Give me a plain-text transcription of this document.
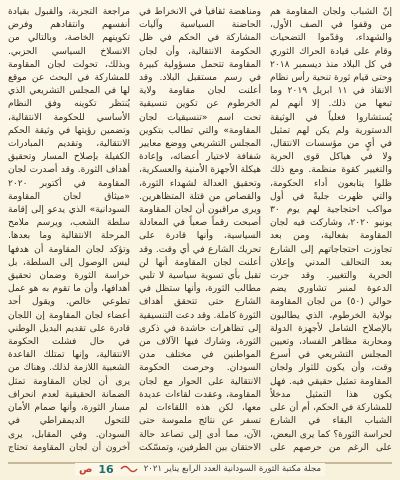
إنّ الشباب ولجان المقاومة هم من وقفوا في الصف الأول، والشهداء، وقدّموا التضحيات وقام على قيادة الحراك الثوري في كل البلاد منذ ديسمبر ٢٠١٨ وحتى قيام ثورة تنحية رأس نظام الانقاذ في ١١ ابريل ٢٠١٩ وما تبعها من ذلك. إلا أنهم لم يُستشاروا فعلياً في الوثيقة الدستورية ولم يكن لهم تمثيل في أيٍ من مؤسسات الانتقال، ولا في هياكل قوى الحرية والتغيير كقوة منظمة. ومع ذلك ظلوا يتابعون أداء الحكومة، والتي ظهرت جليةً في أول مواكب احتجاجية لهم يوم ٣٠ يونيو ٢٠٢٠، وشاركت فيه لجان المقاومة بفعالية، ومن بعد تجاوزت احتجاجاتهم إلى الشارع بعد التحالف المدني وإعلان الحرية والتغيير. وقد جرت الدعوة لمنبر تشاوري يضم حوالي (٥٠) من لجان المقاومة بولاية الخرطوم، الذي يطالبون بالإصلاح الشامل لأجهزة الدولة ومحاربة مظاهر الفساد، وتعيين المجلس التشريعي في أسرع وقت، وأن يكون للثوار ولجان المقاومة تمثيل حقيقي فيه. فهل يكون هذا التمثيل مدخلاً للمشاركة في الحكم، أم أن على الشباب البقاء في الشارع لحراسة الثورة؟ كما يرى البعض، على الرغم من حرصهم على

ومناهضة ثقافياً في الانخراط في الحاضنة السياسية وآليات المشاركة في الحكم في ظل الحكومة الانتقالية، وأن لجان المقاومة تتحمل مسؤولية كبيرة في رسم مستقبل البلاد. وقد أعلنت لجان مقاومة ولاية الخرطوم عن تكوين تنسيقية تحت اسم «تنسيقيات لجان المقاومة» والتي تطالب بتكوين المجلس التشريعي ووضع معايير شفافة لاختيار أعضائه، وإعادة هيكلة الأجهزة الأمنية والعسكرية، وتحقيق العدالة لشهداء الثورة، والقصاص من قتلة المتظاهرين. ويرى مراقبون أن لجان المقاومة أصبحت رقماً صعباً في المعادلة السياسية، وأنها قادرة على تحريك الشارع في أي وقت. وقد أعلنت لجان المقاومة أنها لن تقبل بأي تسوية سياسية لا تلبي مطالب الثورة، وأنها ستظل في الشارع حتى تتحقق أهداف الثورة كاملة. وقد دعت التنسيقية إلى تظاهرات حاشدة في ذكرى الثورة، وشارك فيها الآلاف من المواطنين في مختلف مدن السودان. وحرصت الحكومة الانتقالية على الحوار مع لجان المقاومة، وعقدت لقاءات عديدة معها، لكن هذه اللقاءات لم تسفر عن نتائج ملموسة حتى الآن، مما أدى إلى تصاعد حالة الاحتقان بين الطرفين، وتمسّكت

مراجعة التجربة، والقبول بقيادة أنفسهم وانتقادهم وفرض تكوينهم الخاصة، وبالتالي من الانسلاخ السياسي الحزبي. وبذلك، تحولت لجان المقاومة للمشاركة في البحث عن موقع لها في المجلس التشريعي الذي يُنتظر تكوينه وفق النظام الأساسي للحكومة الانتقالية، وتضمين رؤيتها في وثيقة الحكم الانتقالية، وتقديم المبادرات الكفيلة بإصلاح المسار وتحقيق أهداف الثورة. وقد أصدرت لجان المقاومة في أكتوبر ٢٠٢٠ «ميثاق لجان المقاومة السودانية» الذي يدعو إلى إقامة سلطة الشعب، ويرسم ملامح المرحلة الانتقالية وما بعدها. وتؤكد لجان المقاومة أن هدفها ليس الوصول إلى السلطة، بل حراسة الثورة وضمان تحقيق أهدافها، وأن ما تقوم به هو عمل تطوعي خالص. ويقول أحد أعضاء لجان المقاومة إن اللجان قادرة على تقديم البديل الوطني في حال فشلت الحكومة الانتقالية، وإنها تمتلك القاعدة الشعبية اللازمة لذلك. وهناك من يرى أن لجان المقاومة تمثل الضمانة الحقيقية لعدم انحراف مسار الثورة، وأنها صمام الأمان للتحول الديمقراطي في السودان. وفي المقابل، يرى آخرون أن لجان المقاومة تحتاج

مجلة مكتبة الثورة السودانية العدد الرابع يناير ٢٠٢١
16
ص
